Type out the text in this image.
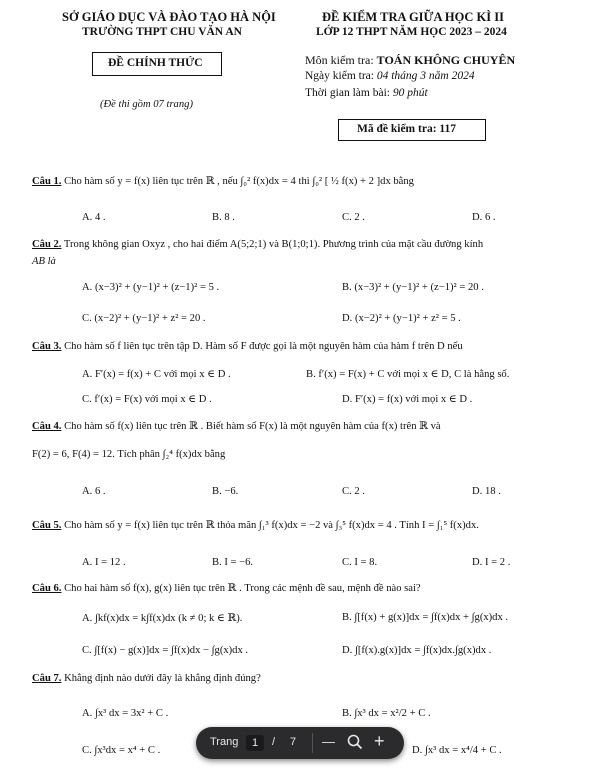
SỞ GIÁO DỤC VÀ ĐÀO TẠO HÀ NỘI
TRƯỜNG THPT CHU VĂN AN
ĐỀ CHÍNH THỨC
(Đề thi gồm 07 trang)
ĐỀ KIỂM TRA GIỮA HỌC KÌ II
LỚP 12 THPT NĂM HỌC 2023 – 2024
Môn kiểm tra: TOÁN KHÔNG CHUYÊN
Ngày kiểm tra: 04 tháng 3 năm 2024
Thời gian làm bài: 90 phút
Mã đề kiểm tra: 117
Câu 1. Cho hàm số y = f(x) liên tục trên ℝ , nếu ∫₀² f(x)dx = 4 thì ∫₀² [ ½ f(x) + 2 ]dx bằng
A. 4 .	B. 8 .	C. 2 .	D. 6 .
Câu 2. Trong không gian Oxyz , cho hai điểm A(5;2;1) và B(1;0;1). Phương trình của mặt cầu đường kính
AB là
A. (x−3)² + (y−1)² + (z−1)² = 5 .	B. (x−3)² + (y−1)² + (z−1)² = 20 .
C. (x−2)² + (y−1)² + z² = 20 .	D. (x−2)² + (y−1)² + z² = 5 .
Câu 3. Cho hàm số f liên tục trên tập D. Hàm số F được gọi là một nguyên hàm của hàm f trên D nếu
A. F′(x) = f(x) + C với mọi x ∈ D .	B. f′(x) = F(x) + C với mọi x ∈ D, C là hằng số.
C. f′(x) = F(x) với mọi x ∈ D .	D. F′(x) = f(x) với mọi x ∈ D .
Câu 4. Cho hàm số f(x) liên tục trên ℝ . Biết hàm số F(x) là một nguyên hàm của f(x) trên ℝ và
F(2) = 6, F(4) = 12. Tích phân ∫₂⁴ f(x)dx bằng
A. 6 .	B. −6.	C. 2 .	D. 18 .
Câu 5. Cho hàm số y = f(x) liên tục trên ℝ thỏa mãn ∫₁³ f(x)dx = −2 và ∫₃⁵ f(x)dx = 4 . Tính I = ∫₁⁵ f(x)dx.
A. I = 12 .	B. I = −6.	C. I = 8.	D. I = 2 .
Câu 6. Cho hai hàm số f(x), g(x) liên tục trên ℝ . Trong các mệnh đề sau, mệnh đề nào sai?
A. ∫kf(x)dx = k∫f(x)dx (k ≠ 0; k ∈ ℝ).	B. ∫[f(x) + g(x)]dx = ∫f(x)dx + ∫g(x)dx .
C. ∫[f(x) − g(x)]dx = ∫f(x)dx − ∫g(x)dx .	D. ∫[f(x).g(x)]dx = ∫f(x)dx.∫g(x)dx .
Câu 7. Khẳng định nào dưới đây là khẳng định đúng?
A. ∫x³ dx = 3x² + C .	B. ∫x³ dx = x²/2 + C .
C. ∫x³dx = x⁴ + C .	D. ∫x³ dx = x⁴/4 + C .
Trang	1	/ 7 — +
